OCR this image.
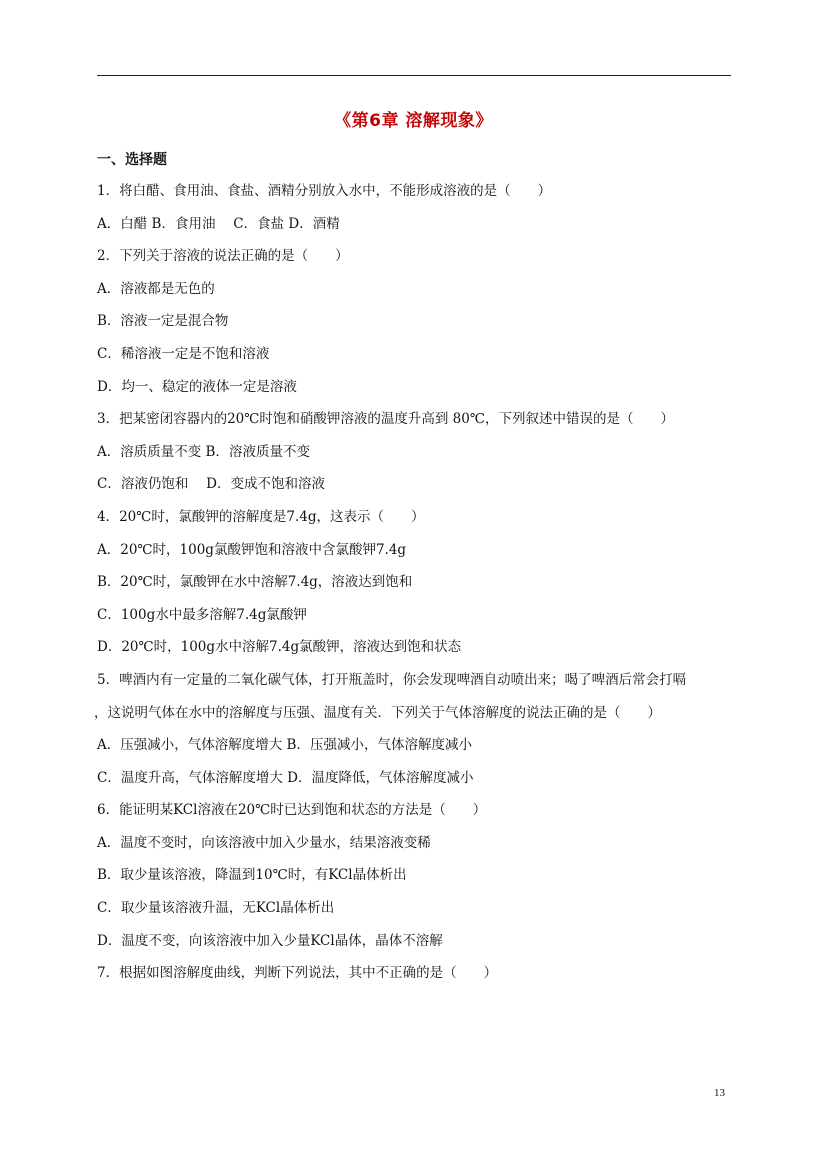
《第6章 溶解现象》
一、选择题
1．将白醋、食用油、食盐、酒精分别放入水中，不能形成溶液的是（　　）
A．白醋 B．食用油　 C．食盐 D．酒精
2．下列关于溶液的说法正确的是（　　）
A．溶液都是无色的
B．溶液一定是混合物
C．稀溶液一定是不饱和溶液
D．均一、稳定的液体一定是溶液
3．把某密闭容器内的20℃时饱和硝酸钾溶液的温度升高到 80℃，下列叙述中错误的是（　　）
A．溶质质量不变 B．溶液质量不变
C．溶液仍饱和　 D．变成不饱和溶液
4．20℃时，氯酸钾的溶解度是7.4g，这表示（　　）
A．20℃时，100g氯酸钾饱和溶液中含氯酸钾7.4g
B．20℃时，氯酸钾在水中溶解7.4g，溶液达到饱和
C．100g水中最多溶解7.4g氯酸钾
D．20℃时，100g水中溶解7.4g氯酸钾，溶液达到饱和状态
5．啤酒内有一定量的二氧化碳气体，打开瓶盖时，你会发现啤酒自动喷出来；喝了啤酒后常会打嗝
，这说明气体在水中的溶解度与压强、温度有关．下列关于气体溶解度的说法正确的是（　　）
A．压强减小，气体溶解度增大 B．压强减小，气体溶解度减小
C．温度升高，气体溶解度增大 D．温度降低，气体溶解度减小
6．能证明某KCl溶液在20℃时已达到饱和状态的方法是（　　）
A．温度不变时，向该溶液中加入少量水，结果溶液变稀
B．取少量该溶液，降温到10℃时，有KCl晶体析出
C．取少量该溶液升温，无KCl晶体析出
D．温度不变，向该溶液中加入少量KCl晶体，晶体不溶解
7．根据如图溶解度曲线，判断下列说法，其中不正确的是（　　）
13
